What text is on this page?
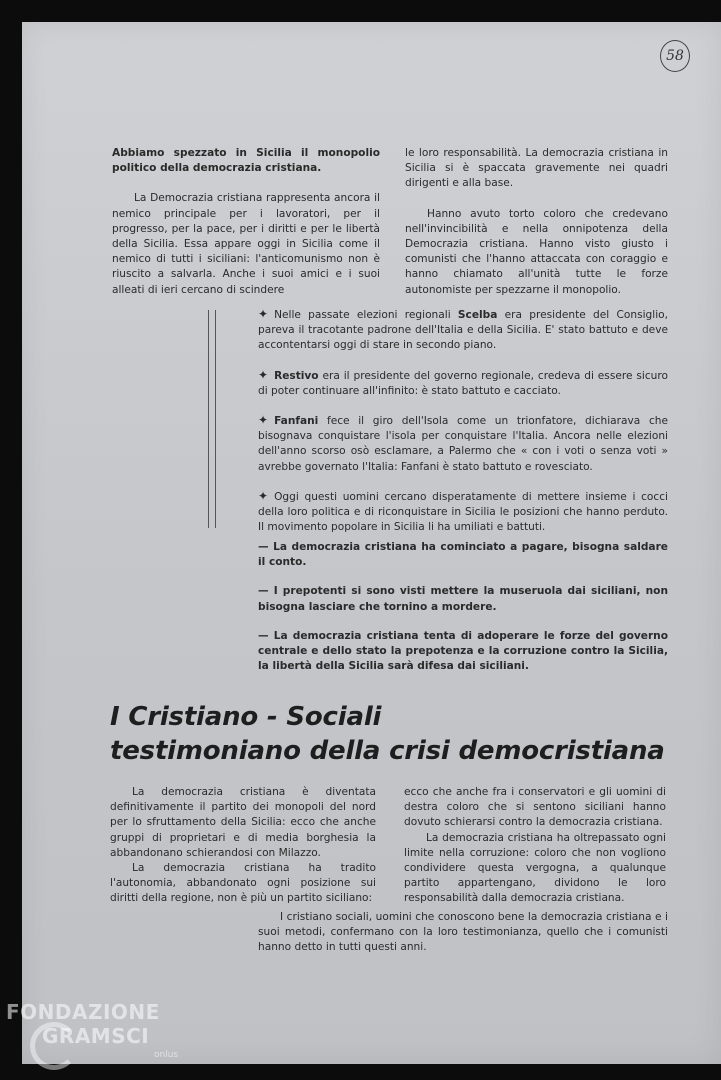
58
Abbiamo spezzato in Sicilia il monopolio politico della democrazia cristiana.
La Democrazia cristiana rappresenta ancora il nemico principale per i lavoratori, per il progresso, per la pace, per i diritti e per le libertà della Sicilia. Essa appare oggi in Sicilia come il nemico di tutti i siciliani: l'anticomunismo non è riuscito a salvarla. Anche i suoi amici e i suoi alleati di ieri cercano di scindere
le loro responsabilità. La democrazia cristiana in Sicilia si è spaccata gravemente nei quadri dirigenti e alla base.
Hanno avuto torto coloro che credevano nell'invincibilità e nella onnipotenza della Democrazia cristiana. Hanno visto giusto i comunisti che l'hanno attaccata con coraggio e hanno chiamato all'unità tutte le forze autonomiste per spezzarne il monopolio.
✦ Nelle passate elezioni regionali Scelba era presidente del Consiglio, pareva il tracotante padrone dell'Italia e della Sicilia. E' stato battuto e deve accontentarsi oggi di stare in secondo piano.
✦ Restivo era il presidente del governo regionale, credeva di essere sicuro di poter continuare all'infinito: è stato battuto e cacciato.
✦ Fanfani fece il giro dell'Isola come un trionfatore, dichiarava che bisognava conquistare l'isola per conquistare l'Italia. Ancora nelle elezioni dell'anno scorso osò esclamare, a Palermo che « con i voti o senza voti » avrebbe governato l'Italia: Fanfani è stato battuto e rovesciato.
✦ Oggi questi uomini cercano disperatamente di mettere insieme i cocci della loro politica e di riconquistare in Sicilia le posizioni che hanno perduto. Il movimento popolare in Sicilia li ha umiliati e battuti.
— La democrazia cristiana ha cominciato a pagare, bisogna saldare il conto.
— I prepotenti si sono visti mettere la museruola dai siciliani, non bisogna lasciare che tornino a mordere.
— La democrazia cristiana tenta di adoperare le forze del governo centrale e dello stato la prepotenza e la corruzione contro la Sicilia, la libertà della Sicilia sarà difesa dai siciliani.
I Cristiano - Sociali
testimoniano della crisi democristiana
La democrazia cristiana è diventata definitivamente il partito dei monopoli del nord per lo sfruttamento della Sicilia: ecco che anche gruppi di proprietari e di media borghesia la abbandonano schierandosi con Milazzo.
La democrazia cristiana ha tradito l'autonomia, abbandonato ogni posizione sui diritti della regione, non è più un partito siciliano:
ecco che anche fra i conservatori e gli uomini di destra coloro che si sentono siciliani hanno dovuto schierarsi contro la democrazia cristiana.
La democrazia cristiana ha oltrepassato ogni limite nella corruzione: coloro che non vogliono condividere questa vergogna, a qualunque partito appartengano, dividono le loro responsabilità dalla democrazia cristiana.
I cristiano sociali, uomini che conoscono bene la democrazia cristiana e i suoi metodi, confermano con la loro testimonianza, quello che i comunisti hanno detto in tutti questi anni.
FONDAZIONE
GRAMSCI
onlus
